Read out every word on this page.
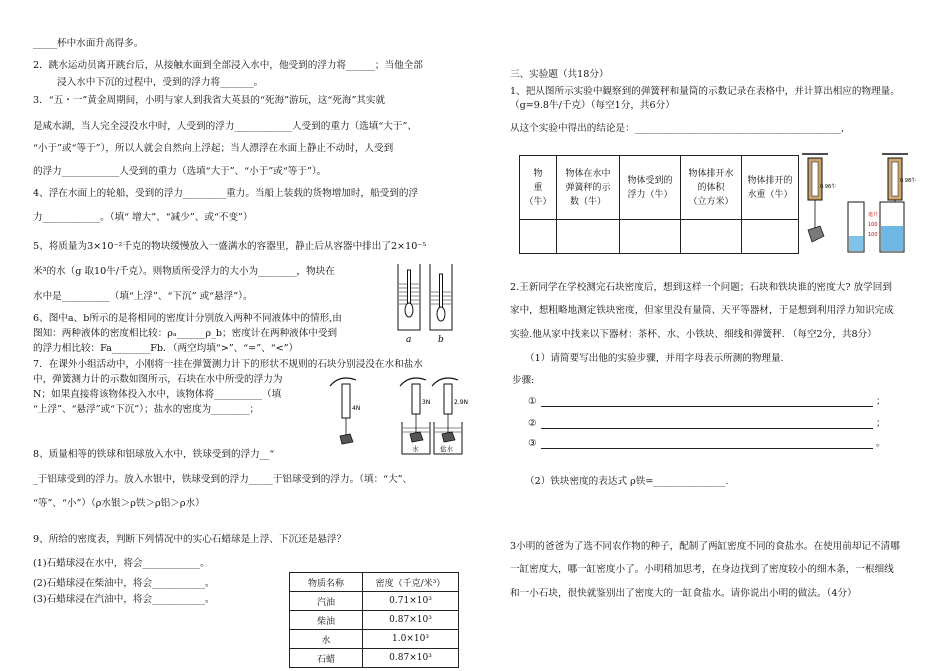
_____杯中水面升高得多。
2．跳水运动员离开跳台后，从接触水面到全部浸入水中，他受到的浮力将______；当他全部
浸入水中下沉的过程中，受到的浮力将_______。
3．“五・一”黄金周期间，小明与家人到我省大英县的“死海”游玩，这“死海”其实就
是咸水湖，当人完全浸没水中时，人受到的浮力____________人受到的重力（选填“大于”、
“小于”或“等于”），所以人就会自然向上浮起；当人漂浮在水面上静止不动时，人受到
的浮力____________人受到的重力（选填“大于”、“小于”或“等于”）。
4、浮在水面上的轮船，受到的浮力_________重力。当船上装载的货物增加时，船受到的浮
力____________。（填“ 增大”、“减少”、或“不变”）
5、将质量为3×10⁻²千克的物块缓慢放入一盛满水的容器里，静止后从容器中排出了2×10⁻⁵
米³的水（g 取10牛/千克）。则物质所受浮力的大小为________，物块在
水中是__________（填“上浮”、“下沉” 或“悬浮”）。
6、图中a、b所示的是将相同的密度计分别放入两种不同液体中的情形,由
图知：两种液体的密度相比较：ρₐ______ρ_b；密度计在两种液体中受到
的浮力相比较：Fa________Fb．（两空均填“>”、“=”、“<”）
7．在课外小组活动中，小刚将一挂在弹簧测力计下的形状不规则的石块分别浸没在水和盐水
中，弹簧测力计的示数如图所示，石块在水中所受的浮力为
N；如果直接将该物体投入水中，该物体将__________（填
“上浮”、“悬浮”或“下沉”）；盐水的密度为________；
8、质量相等的铁球和铝球放入水中，铁球受到的浮力__“
_于铝球受到的浮力。放入水银中，铁球受到的浮力_____于铝球受到的浮力。（填：“大”、
“等”、“小”）（ρ水银＞ρ铁＞ρ铝＞ρ水）
9、所给的密度表，判断下列情况中的实心石蜡球是上浮、下沉还是悬浮？
(1)石蜡球浸在水中，将会____________。
(2)石蜡球浸在柴油中，将会___________。
(3)石蜡球浸在汽油中，将会___________。
a	b
4N
3N	2.9N
水	盐水
物质名称	密度（千克/米³）
汽油	0.71×10³
柴油	0.87×10³
水	1.0×10³
石蜡	0.87×10³
三、实验题（共18分）
1、把从图所示实验中観察到的弹簧秤和量筒的示数记录在表格中，并计算出相应的物理量。
（g=9.8牛/千克）（每空1分，共6分）
从这个实验中得出的结论是：___________________________________________,
物
重
（牛）	物体在水中
弹簧秤的示
数（牛）	物体受到的
浮力（牛）	物体排开水
的体积
（立方米）	物体排开的
水重（牛）

0.96牛
0.98牛
毫升
100
100
2.王新同学在学校测完石块密度后，想到这样一个问题；石块和铁块谁的密度大? 放学回到
家中，想粗略地测定铁块密度，但家里没有量筒、天平等器材，于是想到利用浮力知识完成
实验.他从家中找来以下器材：茶杯、水、小铁块、细线和弹簧秤. （每空2分，共8分）
（1）请简要写出他的实验步骤，并用字母表示所测的物理量.
步骤:
①	；
②	；
③	。
（2）铁块密度的表达式 ρ铁=_______________.
3小明的爸爸为了选不同农作物的种子，配制了两缸密度不同的食盐水。在使用前却记不清哪
一缸密度大，哪一缸密度小了。小明稍加思考，在身边找到了密度较小的细木条，一根细线
和一小石块，很快就鉴别出了密度大的一缸食盐水。请你说出小明的做法。（4分）
